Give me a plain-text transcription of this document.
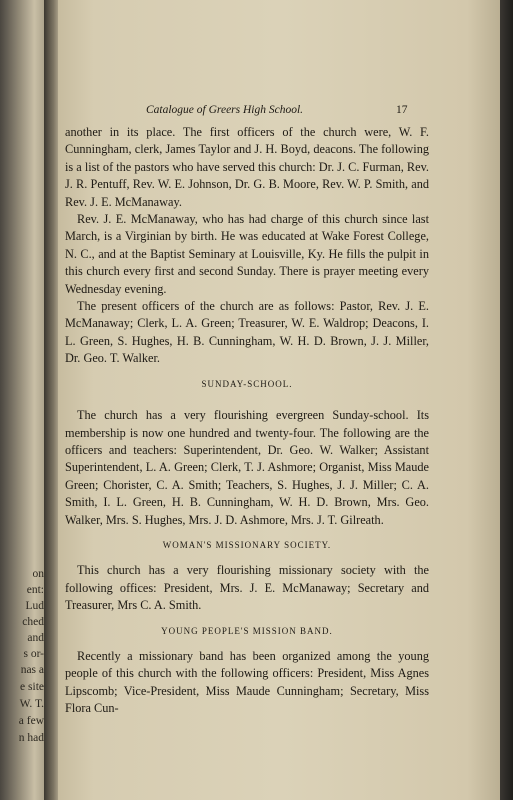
on
ent:
Lud
ched
and
s or-
nas a
e site
W. T.
a few
n had
Catalogue of Greers High School.	17

another in its place. The first officers of the church were, W. F. Cunningham, clerk, James Taylor and J. H. Boyd, deacons. The following is a list of the pastors who have served this church: Dr. J. C. Furman, Rev. J. R. Pentuff, Rev. W. E. Johnson, Dr. G. B. Moore, Rev. W. P. Smith, and Rev. J. E. McManaway.

Rev. J. E. McManaway, who has had charge of this church since last March, is a Virginian by birth. He was educated at Wake Forest College, N. C., and at the Baptist Seminary at Louisville, Ky. He fills the pulpit in this church every first and second Sunday. There is prayer meeting every Wednesday evening.

The present officers of the church are as follows: Pastor, Rev. J. E. McManaway; Clerk, L. A. Green; Treasurer, W. E. Waldrop; Deacons, I. L. Green, S. Hughes, H. B. Cunningham, W. H. D. Brown, J. J. Miller, Dr. Geo. T. Walker.

SUNDAY-SCHOOL.

The church has a very flourishing evergreen Sunday-school. Its membership is now one hundred and twenty-four. The following are the officers and teachers: Superintendent, Dr. Geo. W. Walker; Assistant Superintendent, L. A. Green; Clerk, T. J. Ashmore; Organist, Miss Maude Green; Chorister, C. A. Smith; Teachers, S. Hughes, J. J. Miller; C. A. Smith, I. L. Green, H. B. Cunningham, W. H. D. Brown, Mrs. Geo. Walker, Mrs. S. Hughes, Mrs. J. D. Ashmore, Mrs. J. T. Gilreath.

WOMAN'S MISSIONARY SOCIETY.

This church has a very flourishing missionary society with the following offices: President, Mrs. J. E. McManaway; Secretary and Treasurer, Mrs C. A. Smith.

YOUNG PEOPLE'S MISSION BAND.

Recently a missionary band has been organized among the young people of this church with the following officers: President, Miss Agnes Lipscomb; Vice-President, Miss Maude Cunningham; Secretary, Miss Flora Cun-
